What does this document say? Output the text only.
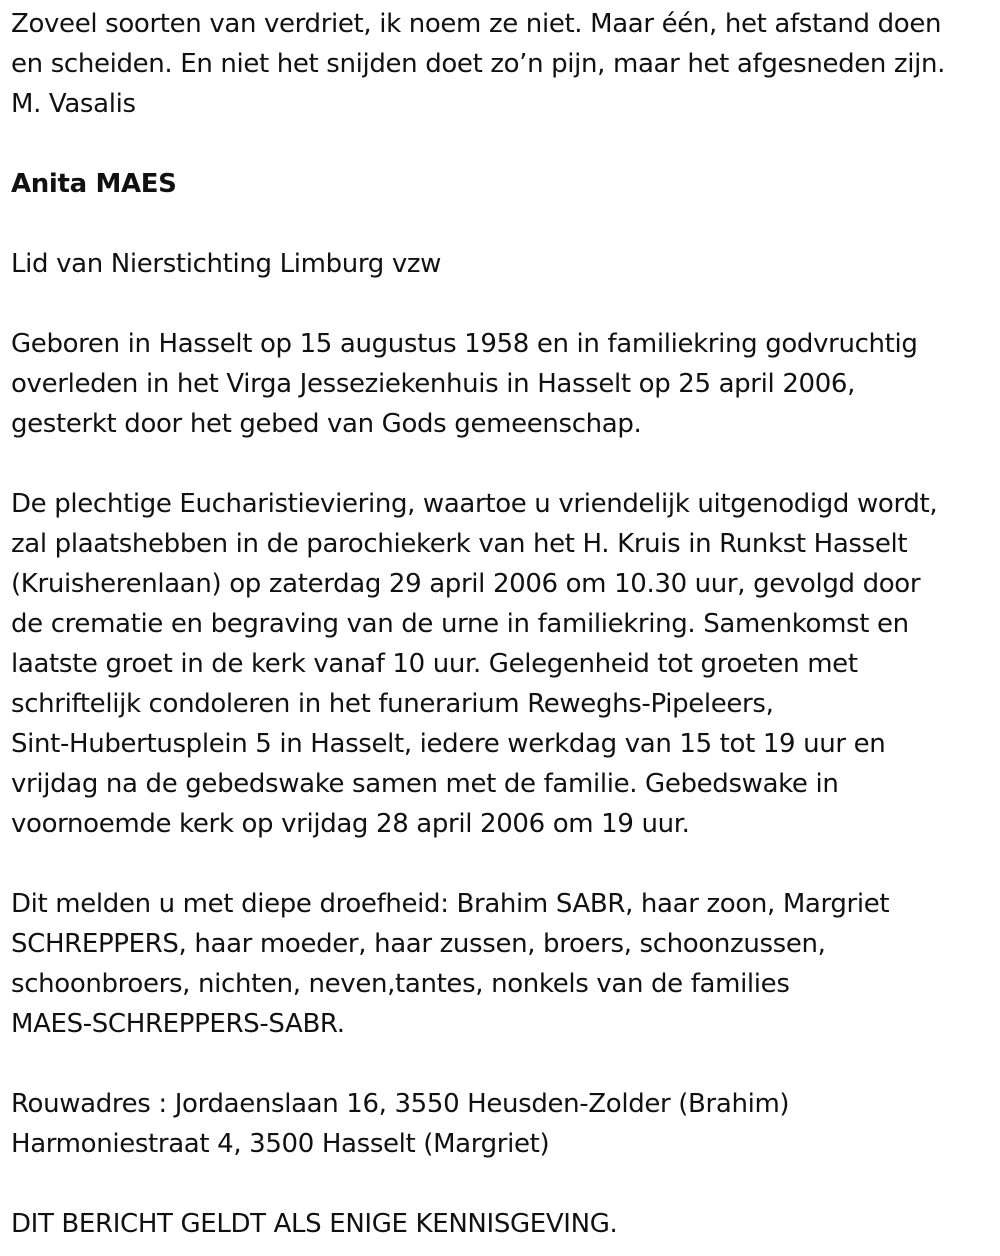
Zoveel soorten van verdriet, ik noem ze niet. Maar één, het afstand doen
en scheiden. En niet het snijden doet zo’n pijn, maar het afgesneden zijn.
M. Vasalis

Anita MAES

Lid van Nierstichting Limburg vzw

Geboren in Hasselt op 15 augustus 1958 en in familiekring godvruchtig
overleden in het Virga Jesseziekenhuis in Hasselt op 25 april 2006,
gesterkt door het gebed van Gods gemeenschap.

De plechtige Eucharistieviering, waartoe u vriendelijk uitgenodigd wordt,
zal plaatshebben in de parochiekerk van het H. Kruis in Runkst Hasselt
(Kruisherenlaan) op zaterdag 29 april 2006 om 10.30 uur, gevolgd door
de crematie en begraving van de urne in familiekring. Samenkomst en
laatste groet in de kerk vanaf 10 uur. Gelegenheid tot groeten met
schriftelijk condoleren in het funerarium Reweghs-Pipeleers,
Sint-Hubertusplein 5 in Hasselt, iedere werkdag van 15 tot 19 uur en
vrijdag na de gebedswake samen met de familie. Gebedswake in
voornoemde kerk op vrijdag 28 april 2006 om 19 uur.

Dit melden u met diepe droefheid: Brahim SABR, haar zoon, Margriet
SCHREPPERS, haar moeder, haar zussen, broers, schoonzussen,
schoonbroers, nichten, neven,tantes, nonkels van de families
MAES-SCHREPPERS-SABR.

Rouwadres : Jordaenslaan 16, 3550 Heusden-Zolder (Brahim)
Harmoniestraat 4, 3500 Hasselt (Margriet)

DIT BERICHT GELDT ALS ENIGE KENNISGEVING.
